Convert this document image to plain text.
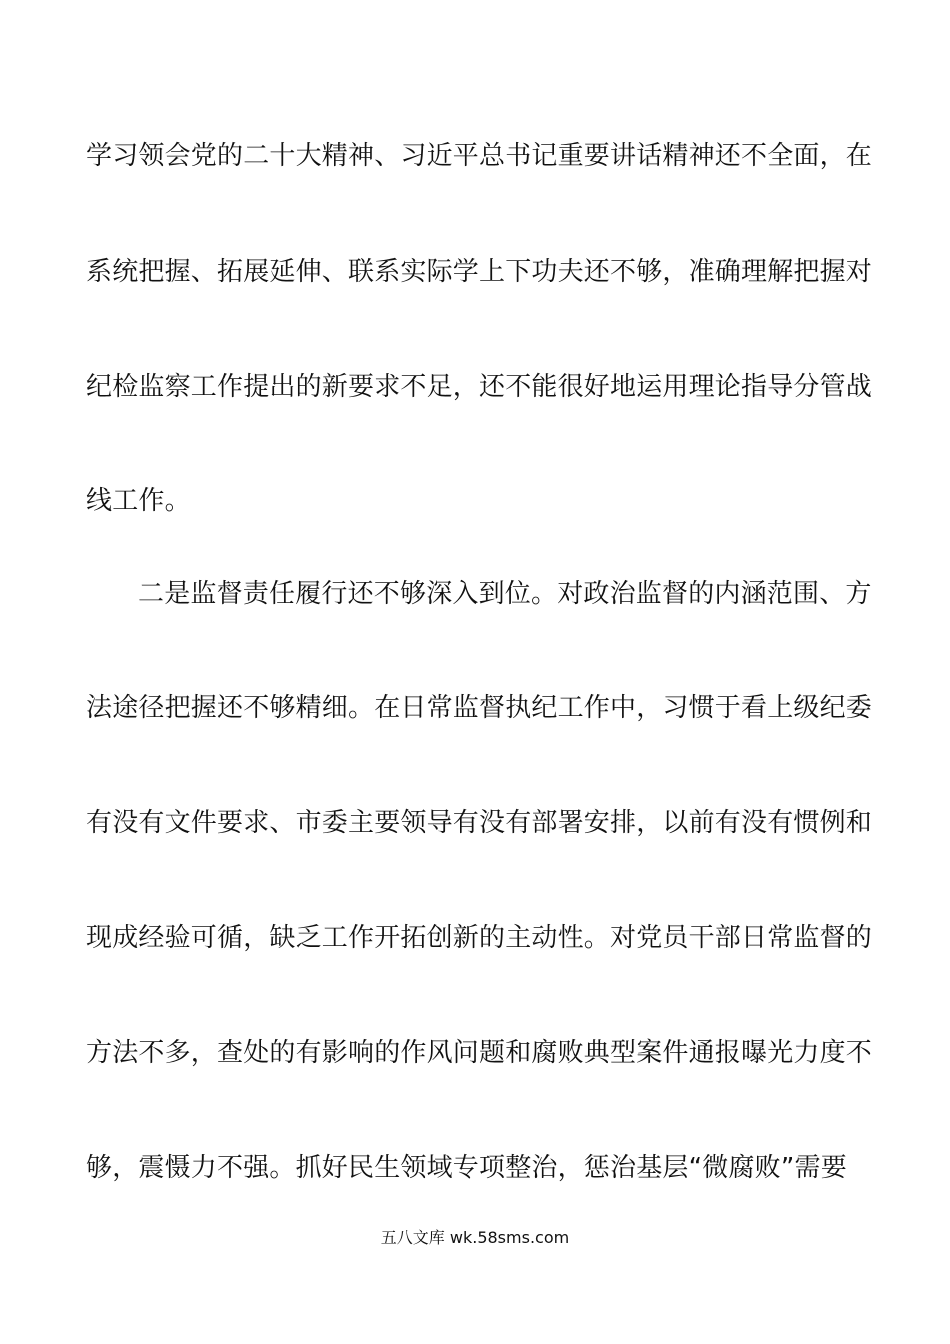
学习领会党的二十大精神、习近平总书记重要讲话精神还不全面，在
系统把握、拓展延伸、联系实际学上下功夫还不够，准确理解把握对
纪检监察工作提出的新要求不足，还不能很好地运用理论指导分管战
线工作。
二是监督责任履行还不够深入到位。对政治监督的内涵范围、方
法途径把握还不够精细。在日常监督执纪工作中，习惯于看上级纪委
有没有文件要求、市委主要领导有没有部署安排，以前有没有惯例和
现成经验可循，缺乏工作开拓创新的主动性。对党员干部日常监督的
方法不多，查处的有影响的作风问题和腐败典型案件通报曝光力度不
够，震慑力不强。抓好民生领域专项整治，惩治基层“微腐败”需要
五八文库 wk.58sms.com
